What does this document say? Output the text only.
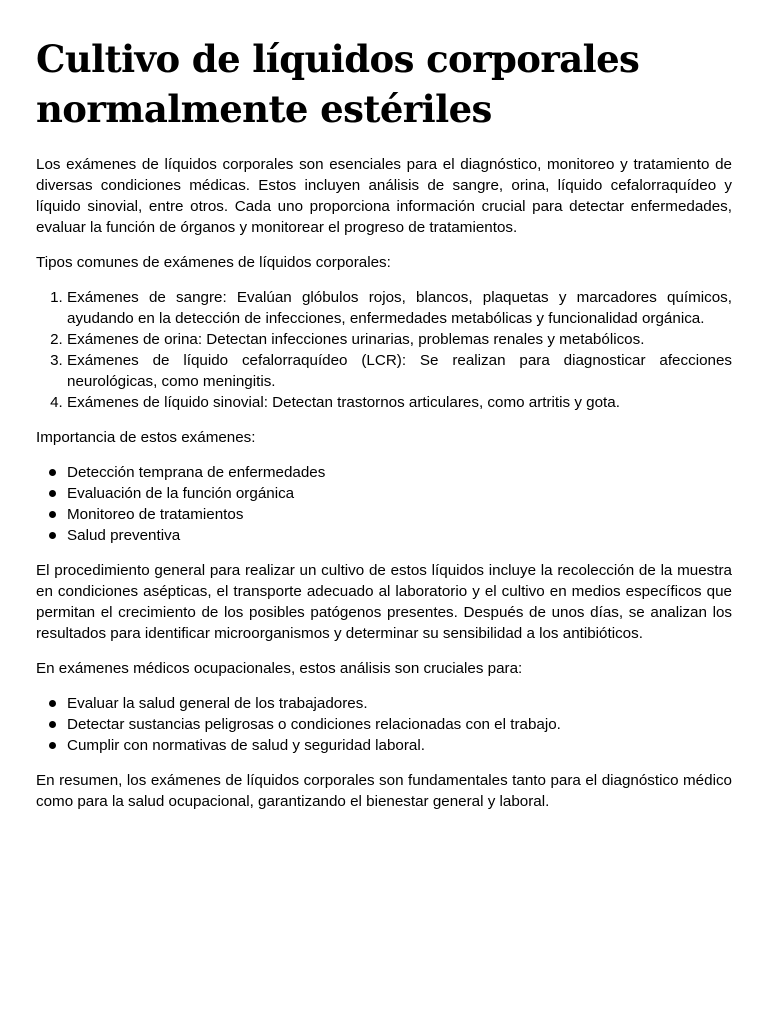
Cultivo de líquidos corporales normalmente estériles

Los exámenes de líquidos corporales son esenciales para el diagnóstico, monitoreo y tratamiento de diversas condiciones médicas. Estos incluyen análisis de sangre, orina, líquido cefalorraquídeo y líquido sinovial, entre otros. Cada uno proporciona información crucial para detectar enfermedades, evaluar la función de órganos y monitorear el progreso de tratamientos.

Tipos comunes de exámenes de líquidos corporales:

1. Exámenes de sangre: Evalúan glóbulos rojos, blancos, plaquetas y marcadores químicos, ayudando en la detección de infecciones, enfermedades metabólicas y funcionalidad orgánica.
2. Exámenes de orina: Detectan infecciones urinarias, problemas renales y metabólicos.
3. Exámenes de líquido cefalorraquídeo (LCR): Se realizan para diagnosticar afecciones neurológicas, como meningitis.
4. Exámenes de líquido sinovial: Detectan trastornos articulares, como artritis y gota.

Importancia de estos exámenes:

Detección temprana de enfermedades
Evaluación de la función orgánica
Monitoreo de tratamientos
Salud preventiva

El procedimiento general para realizar un cultivo de estos líquidos incluye la recolección de la muestra en condiciones asépticas, el transporte adecuado al laboratorio y el cultivo en medios específicos que permitan el crecimiento de los posibles patógenos presentes. Después de unos días, se analizan los resultados para identificar microorganismos y determinar su sensibilidad a los antibióticos.

En exámenes médicos ocupacionales, estos análisis son cruciales para:

Evaluar la salud general de los trabajadores.
Detectar sustancias peligrosas o condiciones relacionadas con el trabajo.
Cumplir con normativas de salud y seguridad laboral.

En resumen, los exámenes de líquidos corporales son fundamentales tanto para el diagnóstico médico como para la salud ocupacional, garantizando el bienestar general y laboral.
